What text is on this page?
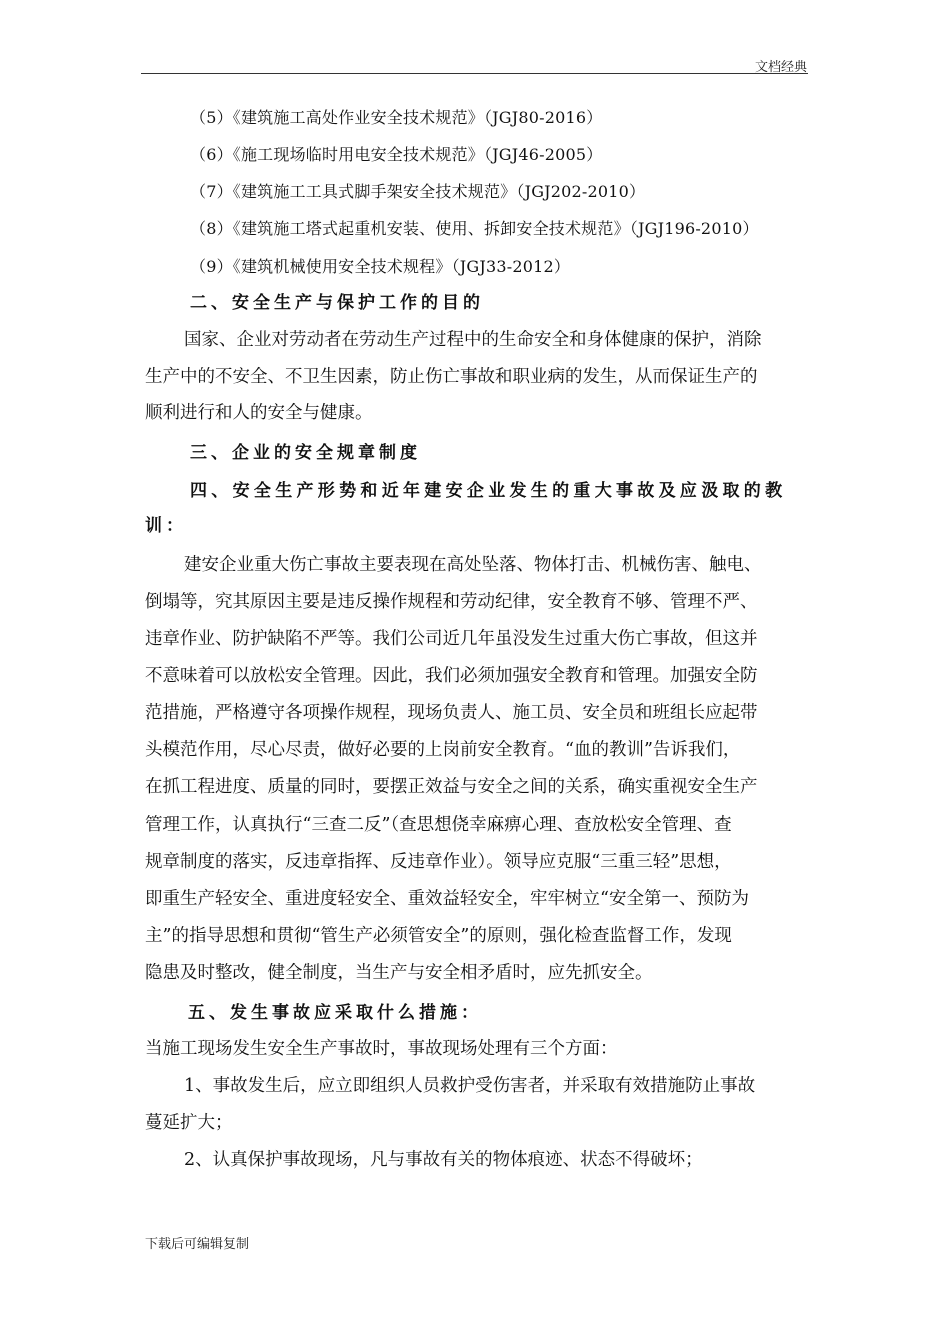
文档经典
（5）《建筑施工高处作业安全技术规范》（JGJ80-2016）
（6）《施工现场临时用电安全技术规范》（JGJ46-2005）
（7）《建筑施工工具式脚手架安全技术规范》（JGJ202-2010）
（8）《建筑施工塔式起重机安装、使用、拆卸安全技术规范》（JGJ196-2010）
（9）《建筑机械使用安全技术规程》（JGJ33-2012）
二、安全生产与保护工作的目的
国家、企业对劳动者在劳动生产过程中的生命安全和身体健康的保护，消除
生产中的不安全、不卫生因素，防止伤亡事故和职业病的发生，从而保证生产的
顺利进行和人的安全与健康。
三、企业的安全规章制度
四、安全生产形势和近年建安企业发生的重大事故及应汲取的教
训：
建安企业重大伤亡事故主要表现在高处坠落、物体打击、机械伤害、触电、
倒塌等，究其原因主要是违反操作规程和劳动纪律，安全教育不够、管理不严、
违章作业、防护缺陷不严等。我们公司近几年虽没发生过重大伤亡事故，但这并
不意味着可以放松安全管理。因此，我们必须加强安全教育和管理。加强安全防
范措施，严格遵守各项操作规程，现场负责人、施工员、安全员和班组长应起带
头模范作用，尽心尽责，做好必要的上岗前安全教育。“血的教训”告诉我们，
在抓工程进度、质量的同时，要摆正效益与安全之间的关系，确实重视安全生产
管理工作，认真执行“三查二反”（查思想侥幸麻痹心理、查放松安全管理、查
规章制度的落实，反违章指挥、反违章作业）。领导应克服“三重三轻”思想，
即重生产轻安全、重进度轻安全、重效益轻安全，牢牢树立“安全第一、预防为
主”的指导思想和贯彻“管生产必须管安全”的原则，强化检查监督工作，发现
隐患及时整改，健全制度，当生产与安全相矛盾时，应先抓安全。
五、发生事故应采取什么措施：
当施工现场发生安全生产事故时，事故现场处理有三个方面：
1、事故发生后，应立即组织人员救护受伤害者，并采取有效措施防止事故
蔓延扩大；
2、认真保护事故现场，凡与事故有关的物体痕迹、状态不得破坏；
下载后可编辑复制
